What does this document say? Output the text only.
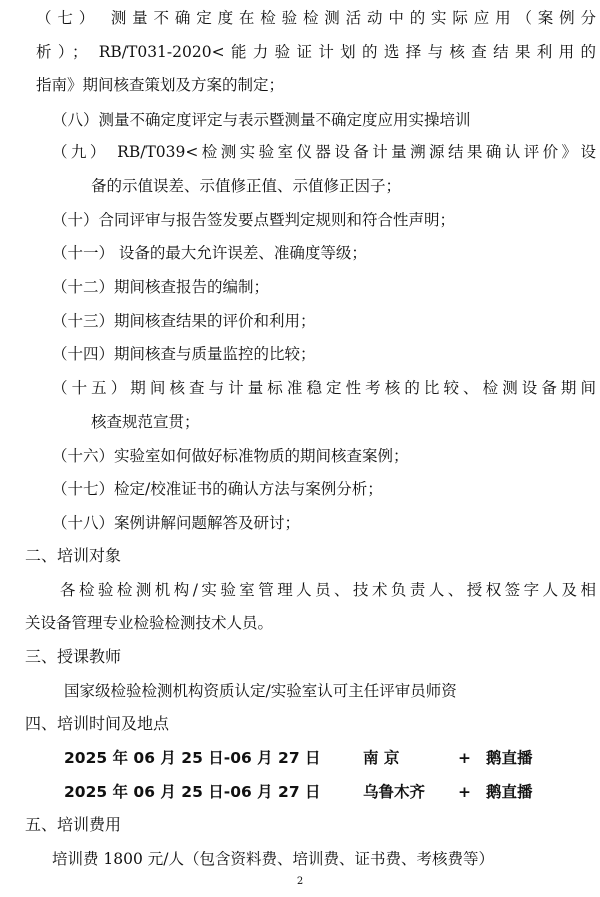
（七） 测量不确定度在检验检测活动中的实际应用（案例分
析）； RB/T031-2020<能力验证计划的选择与核查结果利用的
指南》期间核查策划及方案的制定；
（八）测量不确定度评定与表示暨测量不确定度应用实操培训
（九） RB/T039<检测实验室仪器设备计量溯源结果确认评价》设
备的示值误差、示值修正值、示值修正因子；
（十）合同评审与报告签发要点暨判定规则和符合性声明；
（十一） 设备的最大允许误差、准确度等级；
（十二）期间核查报告的编制；
（十三）期间核查结果的评价和利用；
（十四）期间核查与质量监控的比较；
（十五）期间核查与计量标准稳定性考核的比较、检测设备期间
核查规范宣贯；
（十六）实验室如何做好标准物质的期间核查案例；
（十七）检定/校准证书的确认方法与案例分析；
（十八）案例讲解问题解答及研讨；
二、培训对象
各检验检测机构/实验室管理人员、技术负责人、授权签字人及相
关设备管理专业检验检测技术人员。
三、授课教师
国家级检验检测机构资质认定/实验室认可主任评审员师资
四、培训时间及地点
2025 年 06 月 25 日-06 月 27 日	南 京	+ 鹅直播
2025 年 06 月 25 日-06 月 27 日	乌鲁木齐 + 鹅直播
五、培训费用
培训费 1800 元/人（包含资料费、培训费、证书费、考核费等）
2
